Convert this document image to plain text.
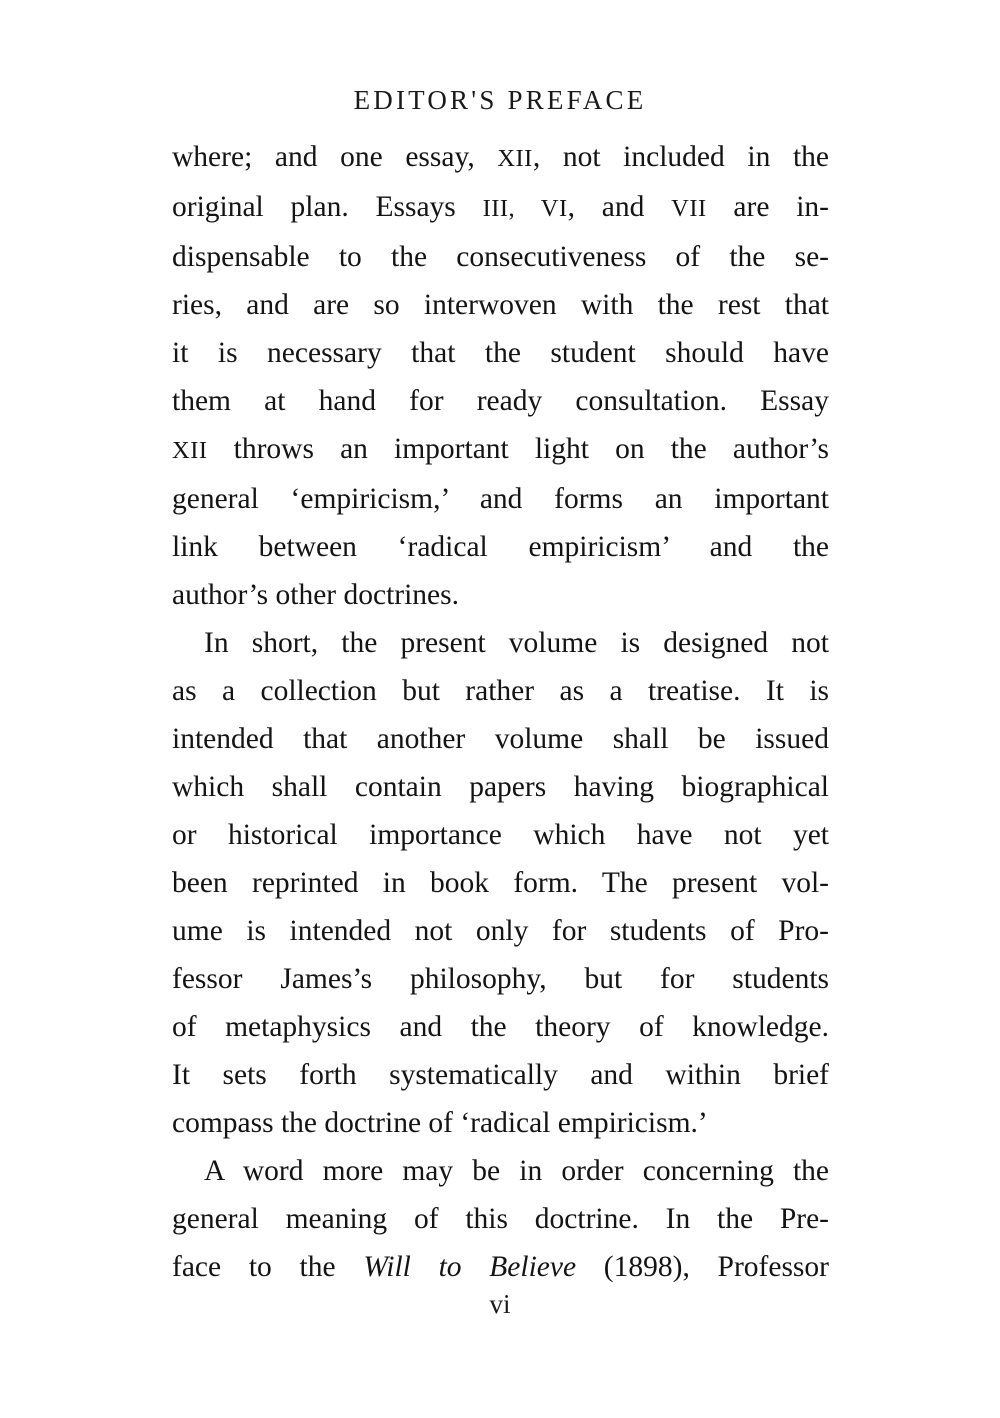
EDITOR'S PREFACE

where; and one essay, XII, not included in the
original plan. Essays III, VI, and VII are in-
dispensable to the consecutiveness of the se-
ries, and are so interwoven with the rest that
it is necessary that the student should have
them at hand for ready consultation. Essay
XII throws an important light on the author’s
general ‘empiricism,’ and forms an important
link between ‘radical empiricism’ and the
author’s other doctrines.

In short, the present volume is designed not
as a collection but rather as a treatise. It is
intended that another volume shall be issued
which shall contain papers having biographical
or historical importance which have not yet
been reprinted in book form. The present vol-
ume is intended not only for students of Pro-
fessor James’s philosophy, but for students
of metaphysics and the theory of knowledge.
It sets forth systematically and within brief
compass the doctrine of ‘radical empiricism.’

A word more may be in order concerning the
general meaning of this doctrine. In the Pre-
face to the Will to Believe (1898), Professor

vi
